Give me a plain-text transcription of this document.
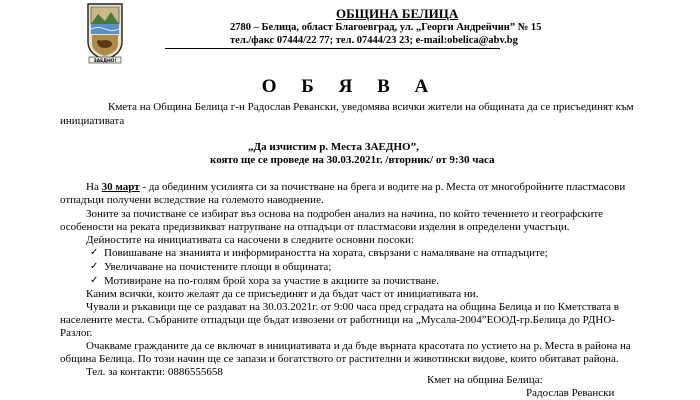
ЗАЕДНО!
ОБЩИНА БЕЛИЦА
2780 – Белица, област Благоевград, ул. „Георги Андрейчин” № 15
тел./факс 07444/22 77; тел. 07444/23 23; e-mail:obelica@abv.bg
О Б Я В А
Кмета на Община Белица г-н Радослав Ревански, уведомява всички жители на общината да се присъединят към
инициативата
„Да изчистим р. Места ЗАЕДНО”,
която ще се проведе на 30.03.2021г. /вторник/ от 9:30 часа
На 30 март - да обединим усилията си за почистване на брега и водите на р. Места от многобройните пластмасови
отпадъци получени вследствие на големото наводнение.
Зоните за почистване се избират въз основа на подробен анализ на начина, по който течението и географските
особености на реката предизвикват натрупване на отпадъци от пластмасови изделия в определени участъци.
Дейностите на инициативата са насочени в следните основни посоки:
✓ Повишаване на знанията и информираността на хората, свързани с намаляване на отпадъците;
✓ Увеличаване на почистените площи в общината;
✓ Мотивиране на по-голям брой хора за участие в акциите за почистване.
Каним всички, които желаят да се присъединят и да бъдат част от инициативата ни.
Чували и ръкавици ще се раздават на 30.03.2021г. от 9:00 часа пред сградата на община Белица и по Кметствата в
населените места. Събраните отпадъци ще бъдат извозени от работници на „Мусала-2004”ЕООД-гр.Белица до РДНО-
Разлог.
Очакваме гражданите да се включат в инициативата и да бъде върната красотата по устието на р. Места в района на
община Белица. По този начин ще се запази и богатството от растителни и животински видове, които обитават района.
Тел. за контакти: 0886555658
Кмет на община Белица:
Радослав Ревански
